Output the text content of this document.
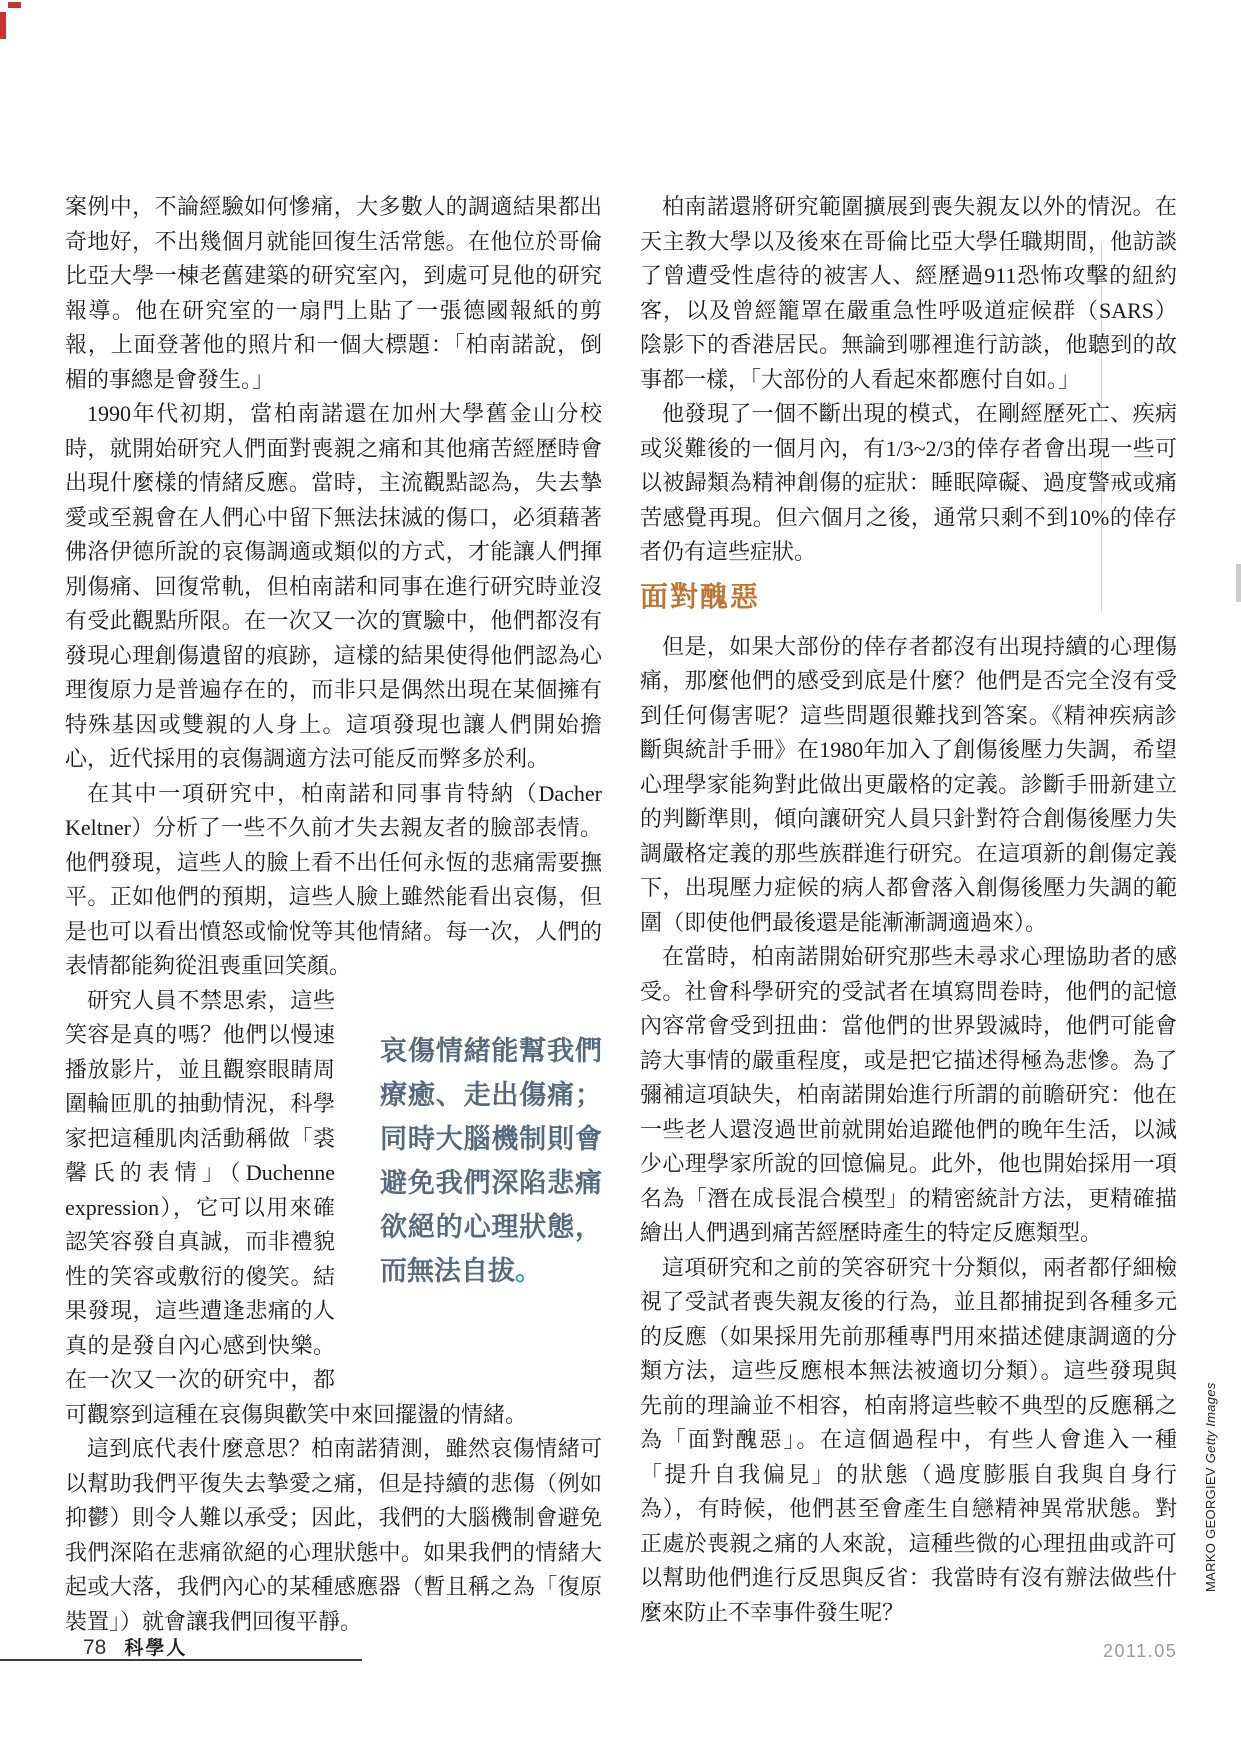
案例中，不論經驗如何慘痛，大多數人的調適結果都出奇地好，不出幾個月就能回復生活常態。在他位於哥倫比亞大學一棟老舊建築的研究室內，到處可見他的研究報導。他在研究室的一扇門上貼了一張德國報紙的剪報，上面登著他的照片和一個大標題：「柏南諾說，倒楣的事總是會發生。」

1990年代初期，當柏南諾還在加州大學舊金山分校時，就開始研究人們面對喪親之痛和其他痛苦經歷時會出現什麼樣的情緒反應。當時，主流觀點認為，失去摯愛或至親會在人們心中留下無法抹滅的傷口，必須藉著佛洛伊德所說的哀傷調適或類似的方式，才能讓人們揮別傷痛、回復常軌，但柏南諾和同事在進行研究時並沒有受此觀點所限。在一次又一次的實驗中，他們都沒有發現心理創傷遺留的痕跡，這樣的結果使得他們認為心理復原力是普遍存在的，而非只是偶然出現在某個擁有特殊基因或雙親的人身上。這項發現也讓人們開始擔心，近代採用的哀傷調適方法可能反而弊多於利。

在其中一項研究中，柏南諾和同事肯特納（Dacher Keltner）分析了一些不久前才失去親友者的臉部表情。他們發現，這些人的臉上看不出任何永恆的悲痛需要撫平。正如他們的預期，這些人臉上雖然能看出哀傷，但是也可以看出憤怒或愉悅等其他情緒。每一次，人們的表情都能夠從沮喪重回笑顏。

哀傷情緒能幫我們療癒、走出傷痛；同時大腦機制則會避免我們深陷悲痛欲絕的心理狀態，而無法自拔。
研究人員不禁思索，這些笑容是真的嗎？他們以慢速播放影片，並且觀察眼睛周圍輪匝肌的抽動情況，科學家把這種肌肉活動稱做「裘馨氏的表情」（Duchenne expression），它可以用來確認笑容發自真誠，而非禮貌性的笑容或敷衍的傻笑。結果發現，這些遭逢悲痛的人真的是發自內心感到快樂。在一次又一次的研究中，都可觀察到這種在哀傷與歡笑中來回擺盪的情緒。

這到底代表什麼意思？柏南諾猜測，雖然哀傷情緒可以幫助我們平復失去摯愛之痛，但是持續的悲傷（例如抑鬱）則令人難以承受；因此，我們的大腦機制會避免我們深陷在悲痛欲絕的心理狀態中。如果我們的情緒大起或大落，我們內心的某種感應器（暫且稱之為「復原裝置」）就會讓我們回復平靜。

柏南諾還將研究範圍擴展到喪失親友以外的情況。在天主教大學以及後來在哥倫比亞大學任職期間，他訪談了曾遭受性虐待的被害人、經歷過911恐怖攻擊的紐約客，以及曾經籠罩在嚴重急性呼吸道症候群（SARS）陰影下的香港居民。無論到哪裡進行訪談，他聽到的故事都一樣，「大部份的人看起來都應付自如。」

他發現了一個不斷出現的模式，在剛經歷死亡、疾病或災難後的一個月內，有1/3~2/3的倖存者會出現一些可以被歸類為精神創傷的症狀：睡眠障礙、過度警戒或痛苦感覺再現。但六個月之後，通常只剩不到10%的倖存者仍有這些症狀。

面對醜惡

但是，如果大部份的倖存者都沒有出現持續的心理傷痛，那麼他們的感受到底是什麼？他們是否完全沒有受到任何傷害呢？這些問題很難找到答案。《精神疾病診斷與統計手冊》在1980年加入了創傷後壓力失調，希望心理學家能夠對此做出更嚴格的定義。診斷手冊新建立的判斷準則，傾向讓研究人員只針對符合創傷後壓力失調嚴格定義的那些族群進行研究。在這項新的創傷定義下，出現壓力症候的病人都會落入創傷後壓力失調的範圍（即使他們最後還是能漸漸調適過來）。

在當時，柏南諾開始研究那些未尋求心理協助者的感受。社會科學研究的受試者在填寫問卷時，他們的記憶內容常會受到扭曲：當他們的世界毀滅時，他們可能會誇大事情的嚴重程度，或是把它描述得極為悲慘。為了彌補這項缺失，柏南諾開始進行所謂的前瞻研究：他在一些老人還沒過世前就開始追蹤他們的晚年生活，以減少心理學家所說的回憶偏見。此外，他也開始採用一項名為「潛在成長混合模型」的精密統計方法，更精確描繪出人們遇到痛苦經歷時產生的特定反應類型。

這項研究和之前的笑容研究十分類似，兩者都仔細檢視了受試者喪失親友後的行為，並且都捕捉到各種多元的反應（如果採用先前那種專門用來描述健康調適的分類方法，這些反應根本無法被適切分類）。這些發現與先前的理論並不相容，柏南將這些較不典型的反應稱之為「面對醜惡」。在這個過程中，有些人會進入一種「提升自我偏見」的狀態（過度膨脹自我與自身行為），有時候，他們甚至會產生自戀精神異常狀態。對正處於喪親之痛的人來說，這種些微的心理扭曲或許可以幫助他們進行反思與反省：我當時有沒有辦法做些什麼來防止不幸事件發生呢？

78 科學人	2011.05
MARKO GEORGIEV Getty Images
